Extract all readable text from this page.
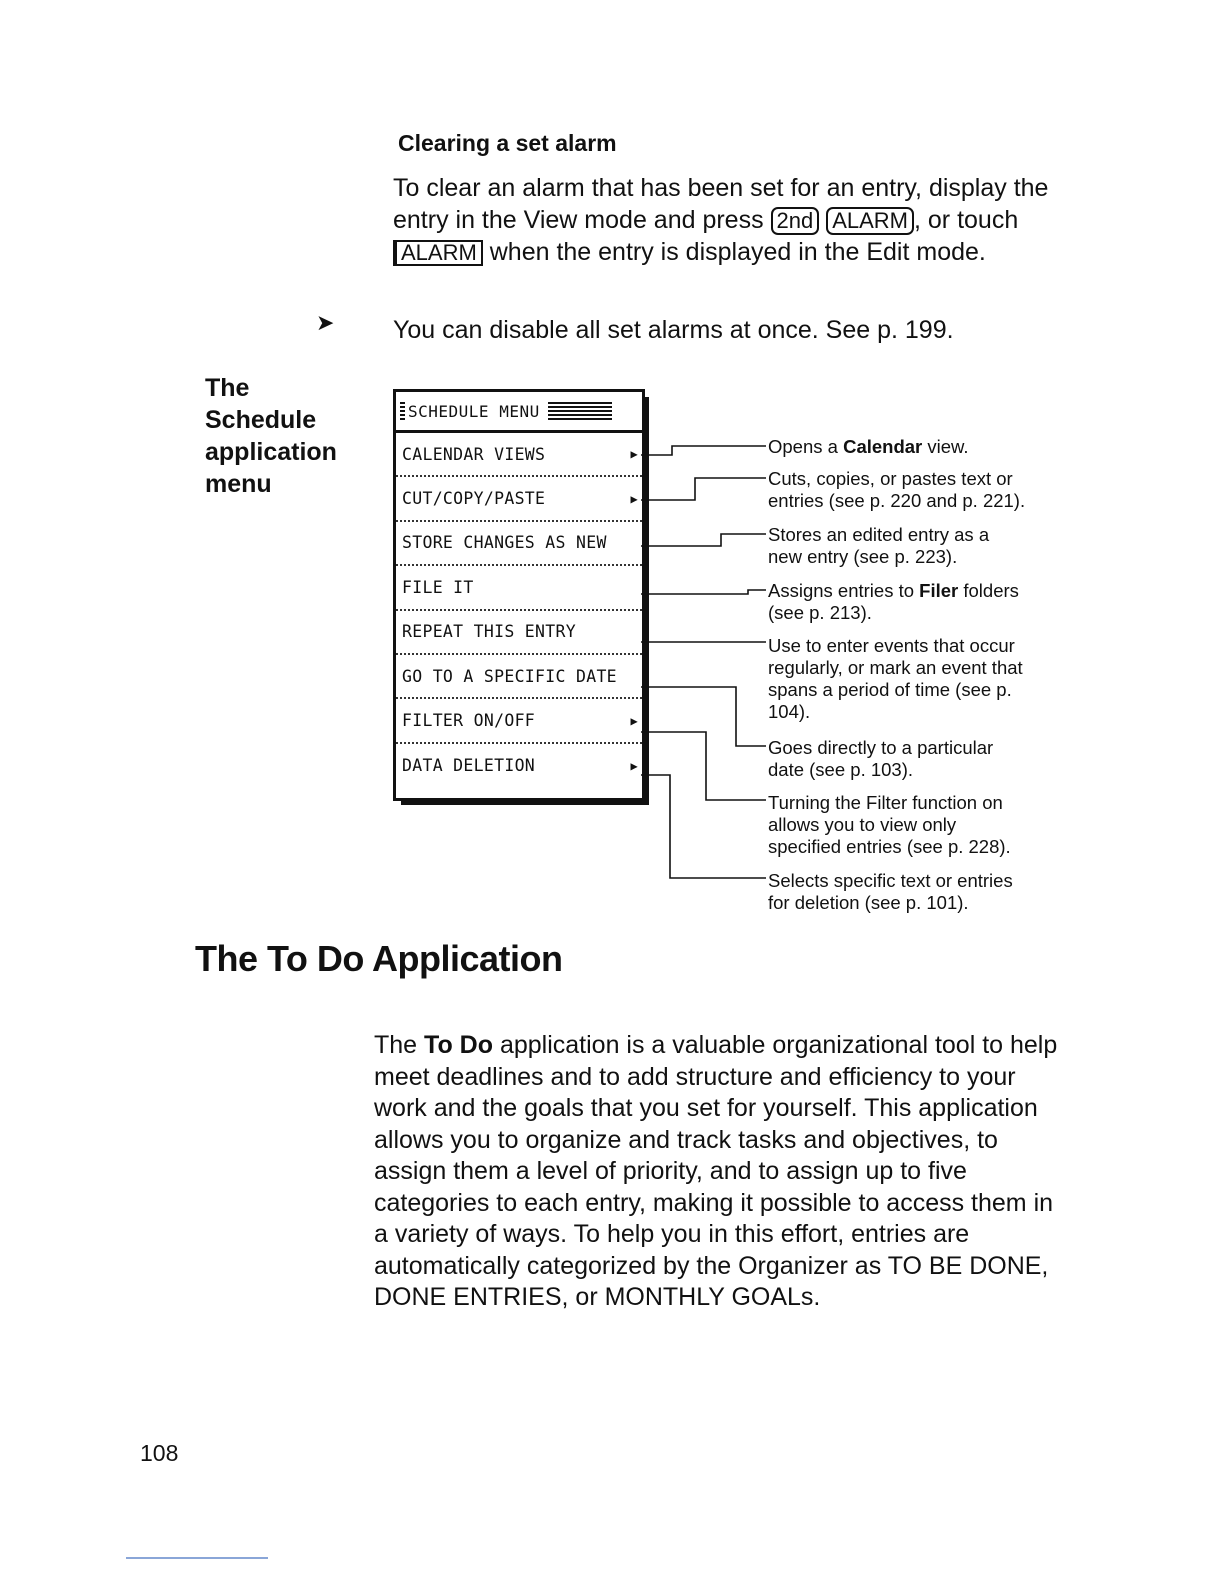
Clearing a set alarm
To clear an alarm that has been set for an entry, display the entry in the View mode and press 2nd ALARM , or touch ALARM when the entry is displayed in the Edit mode.
➤ You can disable all set alarms at once. See p. 199.
The
Schedule
application
menu
SCHEDULE MENU
CALENDAR VIEWS	▶
CUT/COPY/PASTE	▶
STORE CHANGES AS NEW
FILE IT
REPEAT THIS ENTRY
GO TO A SPECIFIC DATE
FILTER ON/OFF	▶
DATA DELETION	▶
Opens a Calendar view.
Cuts, copies, or pastes text or
entries (see p. 220 and p. 221).
Stores an edited entry as a
new entry (see p. 223).
Assigns entries to Filer folders
(see p. 213).
Use to enter events that occur
regularly, or mark an event that
spans a period of time (see p.
104).
Goes directly to a particular
date (see p. 103).
Turning the Filter function on
allows you to view only
specified entries (see p. 228).
Selects specific text or entries
for deletion (see p. 101).
The To Do Application
The To Do application is a valuable organizational tool to help meet deadlines and to add structure and efficiency to your work and the goals that you set for yourself. This application allows you to organize and track tasks and objectives, to assign them a level of priority, and to assign up to five categories to each entry, making it possible to access them in a variety of ways. To help you in this effort, entries are automatically categorized by the Organizer as TO BE DONE, DONE ENTRIES, or MONTHLY GOALs.
108
